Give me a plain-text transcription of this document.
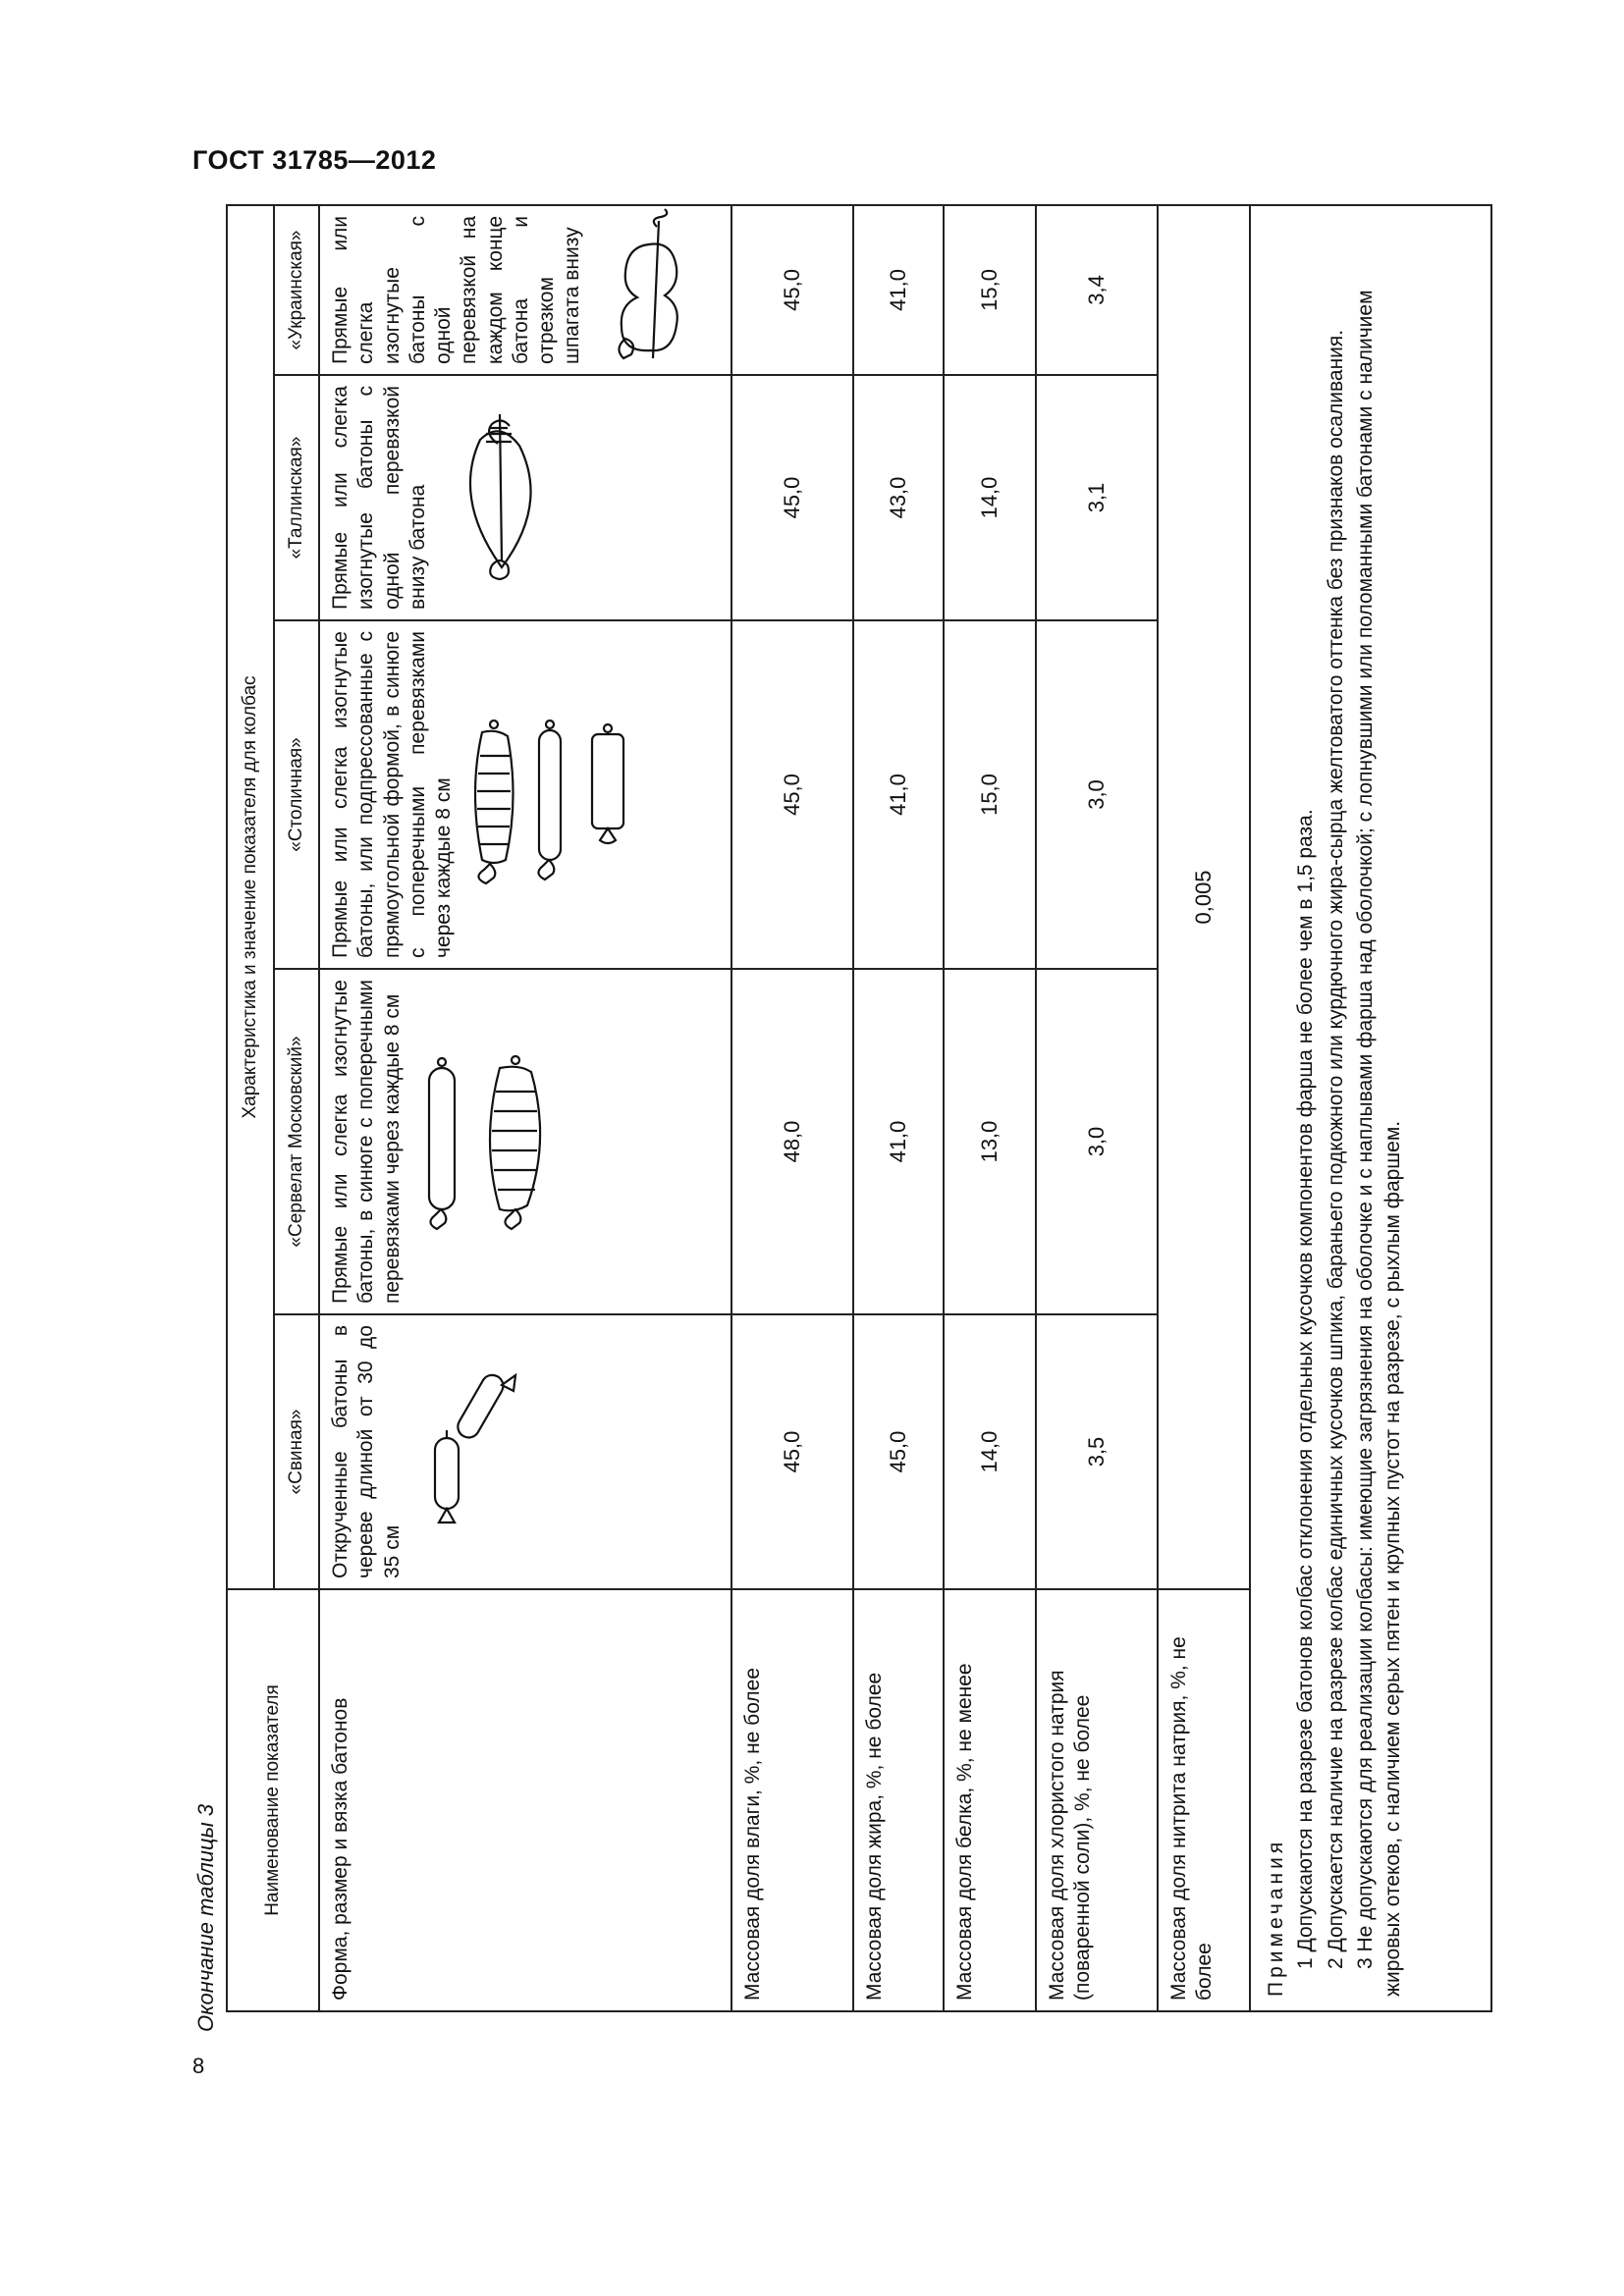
ГОСТ 31785—2012
8
Окончание таблицы 3
Наименование показателя	Характеристика и значение показателя для колбас				
	«Свиная»	«Сервелат Московский»	«Столичная»	«Таллинская»	«Украинская»
Форма, размер и вязка батонов	Открученные батоны в черeве длиной от 30 до 35 см	Прямые или слегка изогнутые батоны, в синюге с поперечными перевязками через каждые 8 см	Прямые или слегка изогнутые батоны, или подпрессованные с прямоугольной формой, в синюге с поперечными перевязками через каждые 8 см	Прямые или слегка изогнутые батоны с одной перевязкой внизу батона	Прямые или слегка изогнутые батоны с одной перевязкой на каждом конце батона и отрезком шпагата внизу

Массовая доля влаги, %, не более	45,0	48,0	45,0	45,0	45,0
Массовая доля жира, %, не более	45,0	41,0	41,0	43,0	41,0
Массовая доля белка, %, не менее	14,0	13,0	15,0	14,0	15,0
Массовая доля хлористого натрия (поваренной соли), %, не более	3,5	3,0	3,0	3,1	3,4
Массовая доля нитрита натрия, %, не более	0,005				

Примечания 1 Допускаются на разрезе батонов колбас отклонения отдельных кусочков компонентов фарша не более чем в 1,5 раза. 2 Допускается наличие на разрезе колбас единичных кусочков шпика, бараньего подкожного или курдючного жира-сырца желтоватого оттенка без признаков осаливания. 3 Не допускаются для реализации колбасы: имеющие загрязнения на оболочке и с наплывами фарша над оболочкой; с лопнувшими или поломанными батонами с наличием жировых отеков, с наличием серых пятен и крупных пустот на разрезе, с рыхлым фаршем.					
